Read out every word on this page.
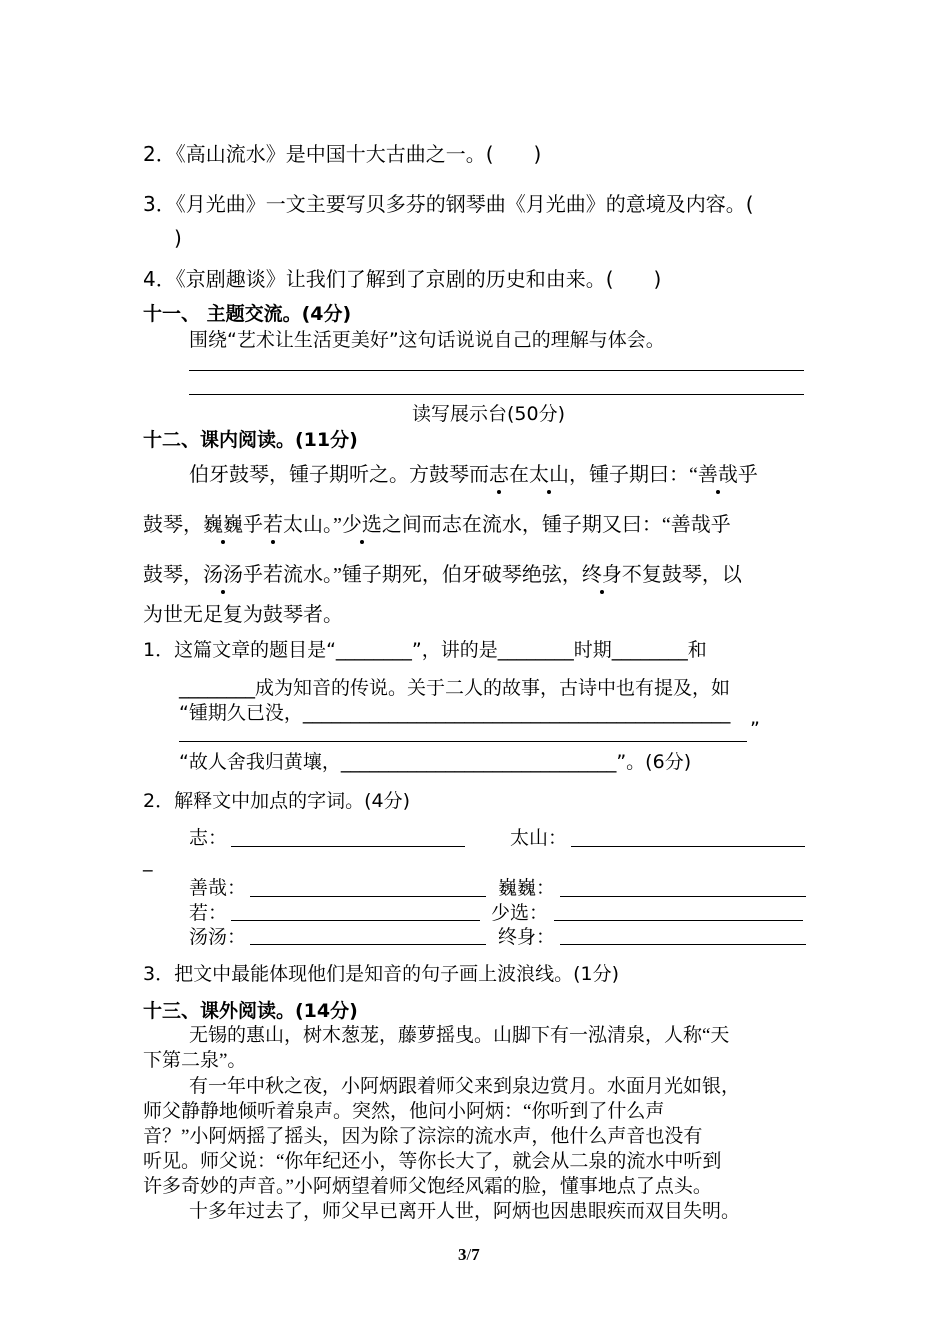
2．《高山流水》是中国十大古曲之一。(　　)
3．《月光曲》一文主要写贝多芬的钢琴曲《月光曲》的意境及内容。(
)
4．《京剧趣谈》让我们了解到了京剧的历史和由来。(　　)
十一、 主题交流。(4分)
围绕“艺术让生活更美好”这句话说说自己的理解与体会。
读写展示台(50分)
十二、课内阅读。(11分)
伯牙鼓琴，锺子期听之。方鼓琴而志在太山，锺子期曰：“善哉乎
鼓琴，巍巍乎若太山。”少选之间而志在流水，锺子期又曰：“善哉乎
鼓琴，汤汤乎若流水。”锺子期死，伯牙破琴绝弦，终身不复鼓琴，以
为世无足复为鼓琴者。
1．这篇文章的题目是“________”，讲的是________时期________和
________成为知音的传说。关于二人的故事，古诗中也有提及，如
“锺期久已没，_____________________________________________
”
“故人舍我归黄壤，_____________________________”。(6分)
2．解释文中加点的字词。(4分)
志：	太山：
_
善哉：	巍巍：
若：	少选：
汤汤：	终身：
3．把文中最能体现他们是知音的句子画上波浪线。(1分)
十三、课外阅读。(14分)
无锡的惠山，树木葱茏，藤萝摇曳。山脚下有一泓清泉，人称“天
下第二泉”。
有一年中秋之夜，小阿炳跟着师父来到泉边赏月。水面月光如银，
师父静静地倾听着泉声。突然，他问小阿炳：“你听到了什么声
音？”小阿炳摇了摇头，因为除了淙淙的流水声，他什么声音也没有
听见。师父说：“你年纪还小，等你长大了，就会从二泉的流水中听到
许多奇妙的声音。”小阿炳望着师父饱经风霜的脸，懂事地点了点头。
十多年过去了，师父早已离开人世，阿炳也因患眼疾而双目失明。
3/7
